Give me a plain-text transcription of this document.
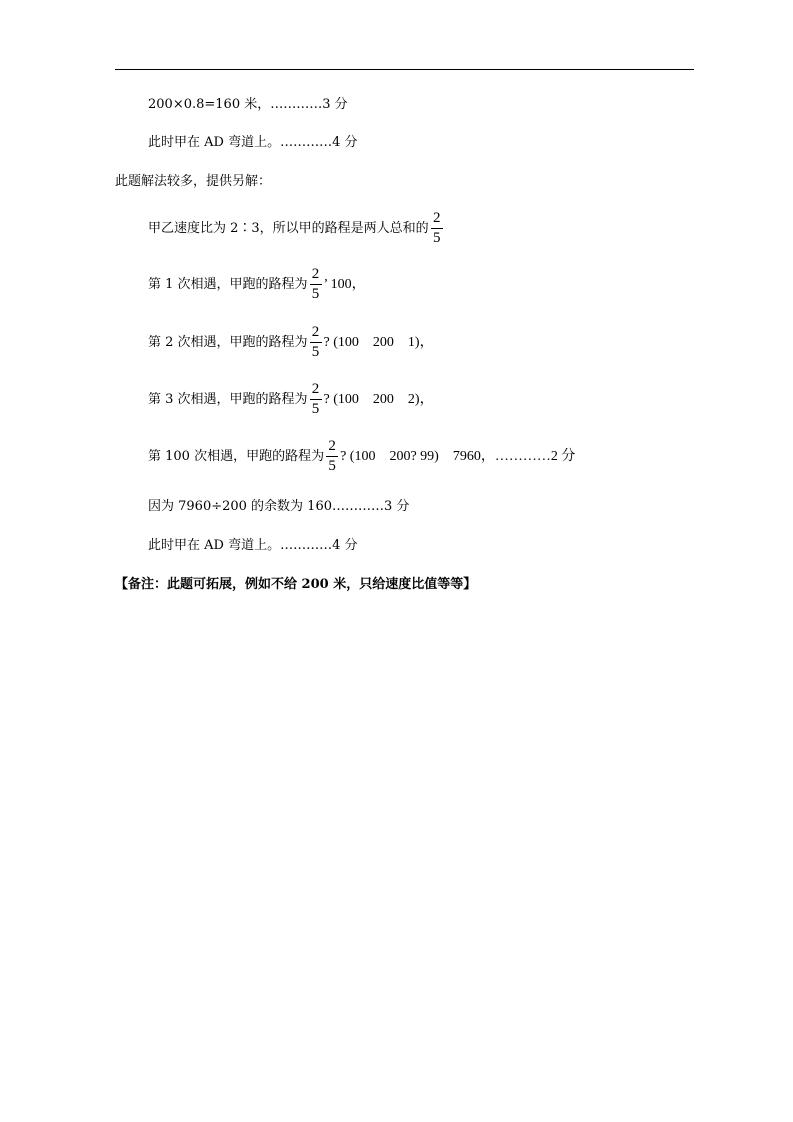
200×0.8=160 米，…………3 分
此时甲在 AD 弯道上。…………4 分
此题解法较多，提供另解：
甲乙速度比为 2∶3，所以甲的路程是两人总和的 $\frac{2}{5}$
第 1 次相遇，甲跑的路程为 $\frac{2}{5}$ ’ 100，
第 2 次相遇，甲跑的路程为 $\frac{2}{5}$ ? (100    200    1)，
第 3 次相遇，甲跑的路程为 $\frac{2}{5}$ ? (100    200    2)，
第 100 次相遇，甲跑的路程为 $\frac{2}{5}$ ? (100    200? 99)    7960，…………2 分
因为 7960÷200 的余数为 160…………3 分
此时甲在 AD 弯道上。…………4 分
【备注：此题可拓展，例如不给 200 米，只给速度比值等等】
